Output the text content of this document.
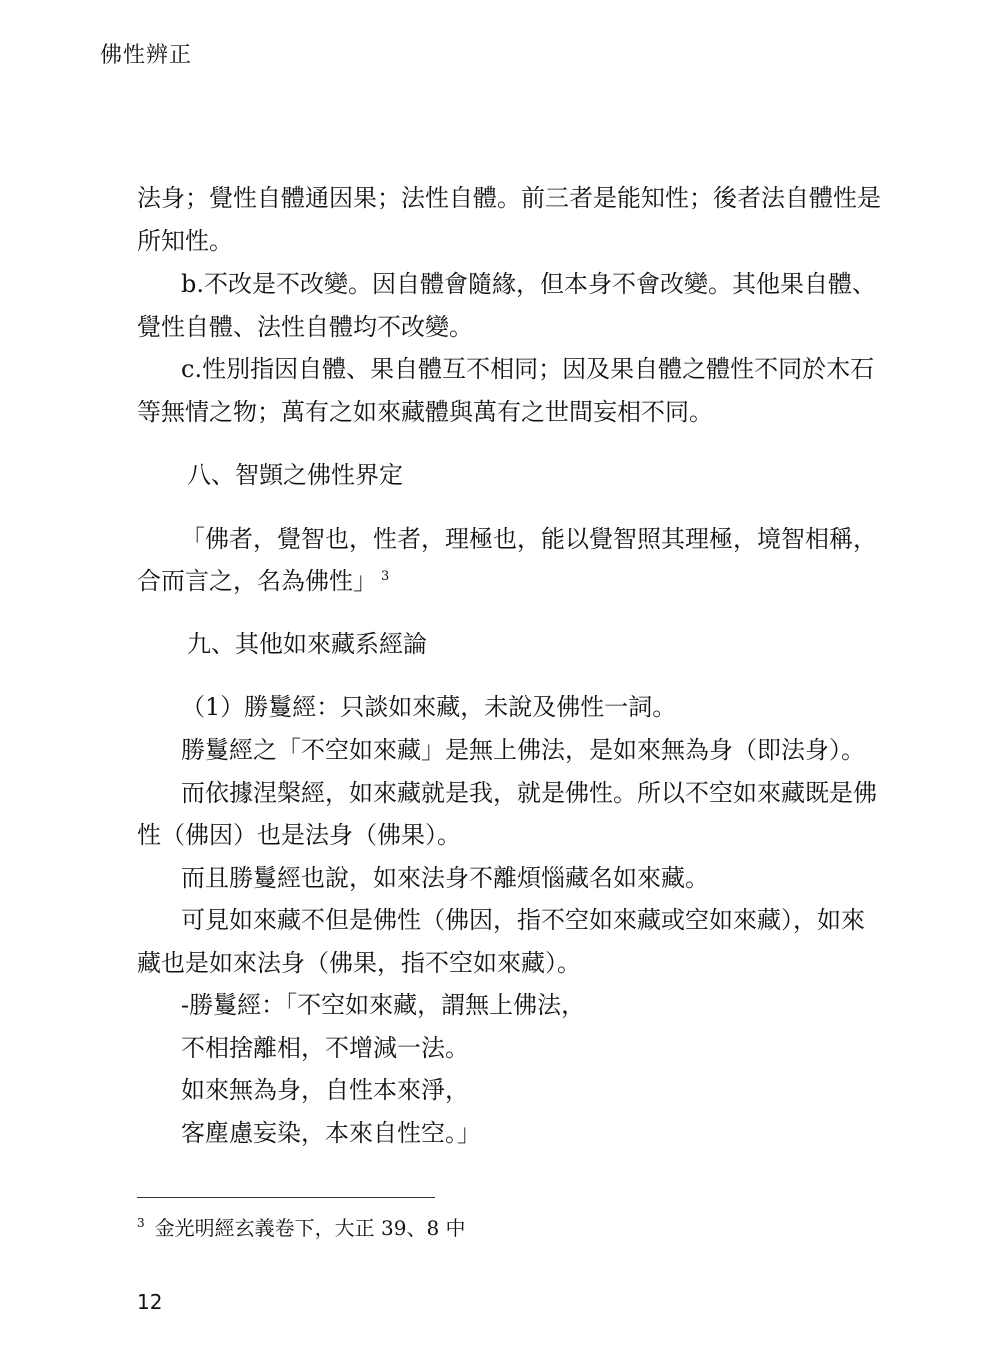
佛性辨正
法身；覺性自體通因果；法性自體。前三者是能知性；後者法自體性是
所知性。
b.不改是不改變。因自體會隨緣，但本身不會改變。其他果自體、
覺性自體、法性自體均不改變。
c.性別指因自體、果自體互不相同；因及果自體之體性不同於木石
等無情之物；萬有之如來藏體與萬有之世間妄相不同。
八、智顗之佛性界定
「佛者，覺智也，性者，理極也，能以覺智照其理極，境智相稱，
合而言之，名為佛性」 $^3$
九、其他如來藏系經論
（1）勝鬘經：只談如來藏，未說及佛性一詞。
勝鬘經之「不空如來藏」是無上佛法，是如來無為身（即法身）。
而依據涅槃經，如來藏就是我，就是佛性。所以不空如來藏既是佛
性（佛因）也是法身（佛果）。
而且勝鬘經也說，如來法身不離煩惱藏名如來藏。
可見如來藏不但是佛性（佛因，指不空如來藏或空如來藏），如來
藏也是如來法身（佛果，指不空如來藏）。
-勝鬘經：「不空如來藏，謂無上佛法，
不相捨離相，不增減一法。
如來無為身，自性本來淨，
客塵慮妄染，本來自性空。」
$^3$ 金光明經玄義卷下，大正 39、8 中
12
